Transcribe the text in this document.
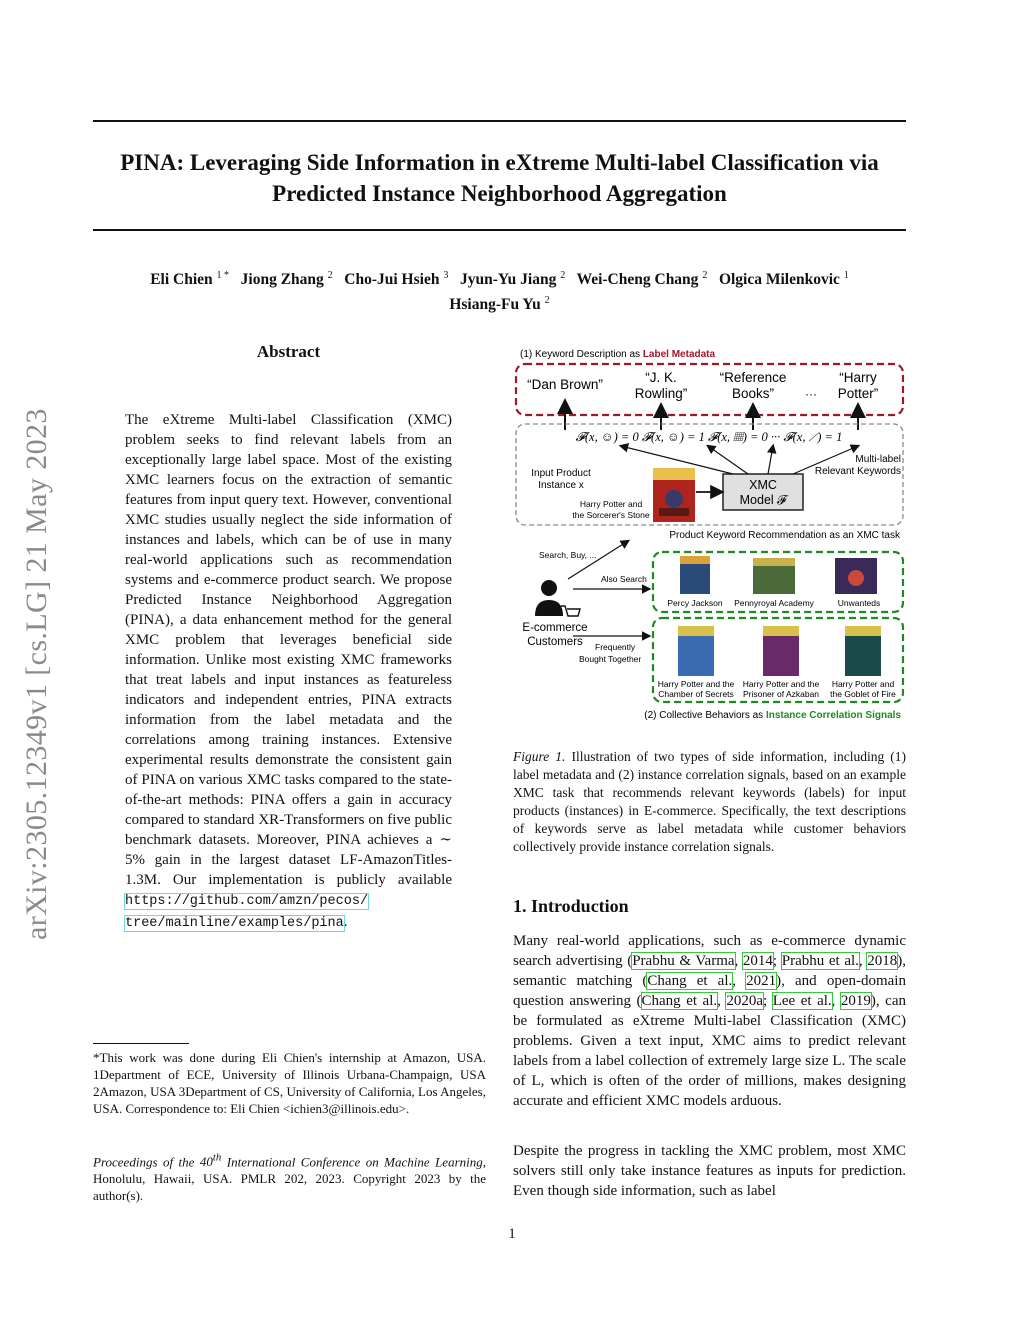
PINA: Leveraging Side Information in eXtreme Multi-label Classification via
Predicted Instance Neighborhood Aggregation
Eli Chien $^{1 *}$ Jiong Zhang $^2$ Cho-Jui Hsieh $^3$ Jyun-Yu Jiang $^2$ Wei-Cheng Chang $^2$ Olgica Milenkovic $^1$
Hsiang-Fu Yu $^2$
arXiv:2305.12349v1 [cs.LG] 21 May 2023
Abstract
The eXtreme Multi-label Classification (XMC) problem seeks to find relevant labels from an exceptionally large label space. Most of the existing XMC learners focus on the extraction of semantic features from input query text. However, conventional XMC studies usually neglect the side information of instances and labels, which can be of use in many real-world applications such as recommendation systems and e-commerce product search. We propose Predicted Instance Neighborhood Aggregation (PINA), a data enhancement method for the general XMC problem that leverages beneficial side information. Unlike most existing XMC frameworks that treat labels and input instances as featureless indicators and independent entries, PINA extracts information from the label metadata and the correlations among training instances. Extensive experimental results demonstrate the consistent gain of PINA on various XMC tasks compared to the state-of-the-art methods: PINA offers a gain in accuracy compared to standard XR-Transformers on five public benchmark datasets. Moreover, PINA achieves a ∼ 5% gain in the largest dataset LF-AmazonTitles-1.3M. Our implementation is publicly available https://github.com/amzn/pecos/ tree/mainline/examples/pina.
*This work was done during Eli Chien's internship at Amazon, USA. 1Department of ECE, University of Illinois Urbana-Champaign, USA 2Amazon, USA 3Department of CS, University of California, Los Angeles, USA. Correspondence to: Eli Chien <ichien3@illinois.edu>.
Proceedings of the 40th International Conference on Machine Learning, Honolulu, Hawaii, USA. PMLR 202, 2023. Copyright 2023 by the author(s).
(1) Keyword Description as Label Metadata
“Dan Brown”	“J. K.
Rowling”
“Reference
Books”	···
“Harry
Potter”
𝓕(x, ☺) = 0 𝓕(x, ☺) = 1 𝓕(x, ▦) = 0 ··· 𝓕(x, ⟋) = 1
Input Product
Instance x
Harry Potter and
the Sorcerer's Stone
XMC
Model 𝓕
Multi-label
Relevant Keywords
Product Keyword Recommendation as an XMC task
Search, Buy, ...
Also Search
E-commerce
Customers Frequently
Bought Together
Percy Jackson Pennyroyal Academy	Unwanteds
Harry Potter and the
Chamber of Secrets
Harry Potter and the
Prisoner of Azkaban
Harry Potter and
the Goblet of Fire
(2) Collective Behaviors as Instance Correlation Signals
Figure 1. Illustration of two types of side information, including (1) label metadata and (2) instance correlation signals, based on an example XMC task that recommends relevant keywords (labels) for input products (instances) in E-commerce. Specifically, the text descriptions of keywords serve as label metadata while customer behaviors collectively provide instance correlation signals.
1. Introduction
Many real-world applications, such as e-commerce dynamic search advertising (Prabhu & Varma, 2014; Prabhu et al., 2018), semantic matching (Chang et al., 2021), and open-domain question answering (Chang et al., 2020a; Lee et al., 2019), can be formulated as eXtreme Multi-label Classification (XMC) problems. Given a text input, XMC aims to predict relevant labels from a label collection of extremely large size L. The scale of L, which is often of the order of millions, makes designing accurate and efficient XMC models arduous.
Despite the progress in tackling the XMC problem, most XMC solvers still only take instance features as inputs for prediction. Even though side information, such as label
1
